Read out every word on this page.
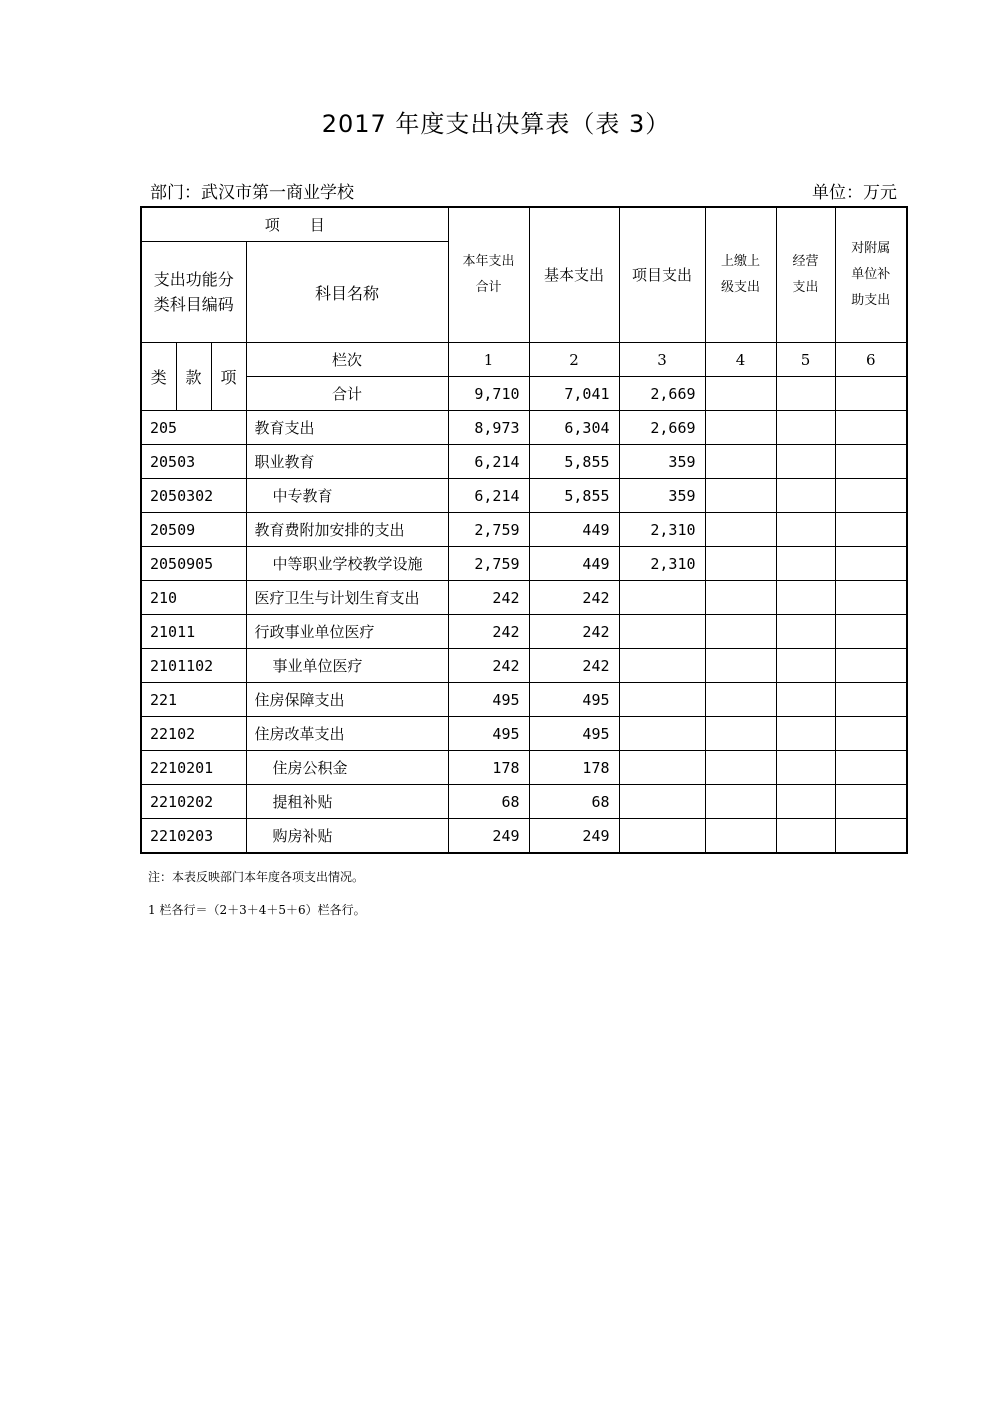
2017 年度支出决算表（表 3）
部门：武汉市第一商业学校	单位：万元
项　　目				本年支出合计	基本支出	项目支出	上缴上级支出	经营支出	对附属单位补助支出

支出功能分类科目编码			科目名称						
类	款	项	栏次	1	2	3	4	5	6
			合计	9,710	7,041	2,669			
205			教育支出	8,973	6,304	2,669			
20503			职业教育	6,214	5,855	359			
2050302			中专教育	6,214	5,855	359			
20509			教育费附加安排的支出	2,759	449	2,310			
2050905			中等职业学校教学设施	2,759	449	2,310			
210			医疗卫生与计划生育支出	242	242				
21011			行政事业单位医疗	242	242				
2101102			事业单位医疗	242	242				
221			住房保障支出	495	495				
22102			住房改革支出	495	495				
2210201			住房公积金	178	178				
2210202			提租补贴	68	68				
2210203			购房补贴	249	249				
注：本表反映部门本年度各项支出情况。
1 栏各行＝（2＋3＋4＋5＋6）栏各行。
